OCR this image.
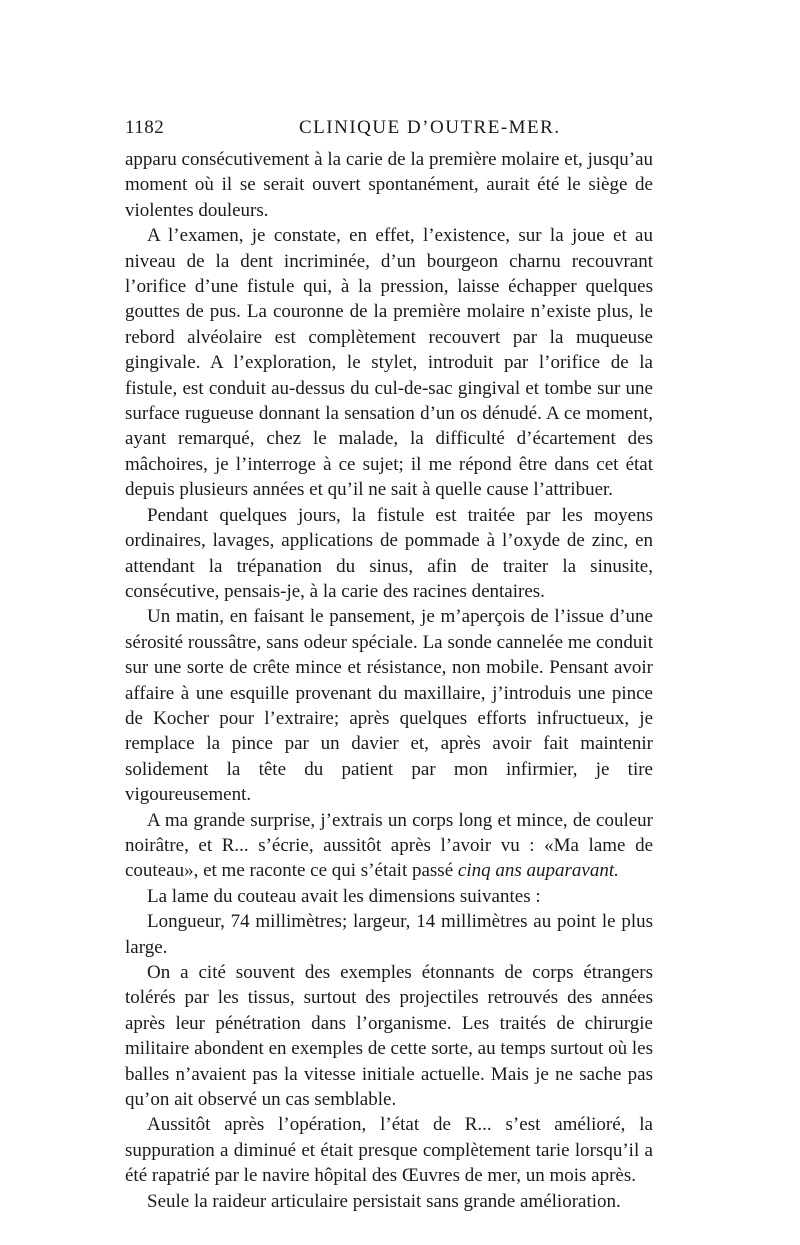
1182	CLINIQUE D’OUTRE-MER.

apparu consécutivement à la carie de la première molaire et, jusqu’au moment où il se serait ouvert spontanément, aurait été le siège de violentes douleurs.

A l’examen, je constate, en effet, l’existence, sur la joue et au niveau de la dent incriminée, d’un bourgeon charnu recouvrant l’orifice d’une fistule qui, à la pression, laisse échapper quelques gouttes de pus. La couronne de la première molaire n’existe plus, le rebord alvéolaire est complètement recouvert par la muqueuse gingivale. A l’exploration, le stylet, introduit par l’orifice de la fistule, est conduit au-dessus du cul-de-sac gingival et tombe sur une surface rugueuse donnant la sensation d’un os dénudé. A ce moment, ayant remarqué, chez le malade, la difficulté d’écartement des mâchoires, je l’interroge à ce sujet; il me répond être dans cet état depuis plusieurs années et qu’il ne sait à quelle cause l’attribuer.

Pendant quelques jours, la fistule est traitée par les moyens ordinaires, lavages, applications de pommade à l’oxyde de zinc, en attendant la trépanation du sinus, afin de traiter la sinusite, consécutive, pensais-je, à la carie des racines dentaires.

Un matin, en faisant le pansement, je m’aperçois de l’issue d’une sérosité roussâtre, sans odeur spéciale. La sonde cannelée me conduit sur une sorte de crête mince et résistance, non mobile. Pensant avoir affaire à une esquille provenant du maxillaire, j’introduis une pince de Kocher pour l’extraire; après quelques efforts infructueux, je remplace la pince par un davier et, après avoir fait maintenir solidement la tête du patient par mon infirmier, je tire vigoureusement.

A ma grande surprise, j’extrais un corps long et mince, de couleur noirâtre, et R... s’écrie, aussitôt après l’avoir vu : «Ma lame de couteau», et me raconte ce qui s’était passé cinq ans auparavant.

La lame du couteau avait les dimensions suivantes :

Longueur, 74 millimètres; largeur, 14 millimètres au point le plus large.

On a cité souvent des exemples étonnants de corps étrangers tolérés par les tissus, surtout des projectiles retrouvés des années après leur pénétration dans l’organisme. Les traités de chirurgie militaire abondent en exemples de cette sorte, au temps surtout où les balles n’avaient pas la vitesse initiale actuelle. Mais je ne sache pas qu’on ait observé un cas semblable.

Aussitôt après l’opération, l’état de R... s’est amélioré, la suppuration a diminué et était presque complètement tarie lorsqu’il a été rapatrié par le navire hôpital des Œuvres de mer, un mois après.

Seule la raideur articulaire persistait sans grande amélioration.
